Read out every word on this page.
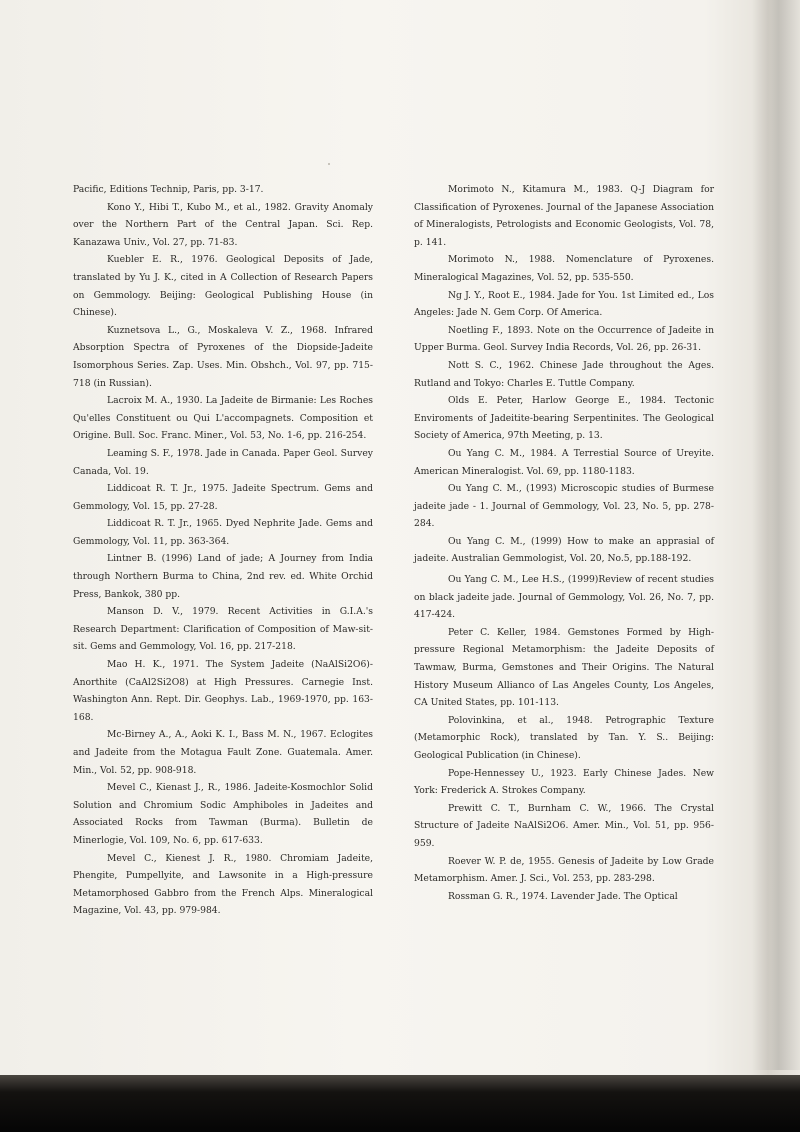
Pacific, Editions Technip, Paris, pp. 3-17.

Kono Y., Hibi T., Kubo M., et al., 1982. Gravity Anomaly over the Northern Part of the Central Japan. Sci. Rep. Kanazawa Univ., Vol. 27, pp. 71-83.

Kuebler E. R., 1976. Geological Deposits of Jade, translated by Yu J. K., cited in A Collection of Research Papers on Gemmology. Beijing: Geological Publishing House (in Chinese).

Kuznetsova L., G., Moskaleva V. Z., 1968. Infrared Absorption Spectra of Pyroxenes of the Diopside-Jadeite Isomorphous Series. Zap. Uses. Min. Obshch., Vol. 97, pp. 715-718 (in Russian).

Lacroix M. A., 1930. La Jadeite de Birmanie: Les Roches Qu'elles Constituent ou Qui L'accompagnets. Composition et Origine. Bull. Soc. Franc. Miner., Vol. 53, No. 1-6, pp. 216-254.

Leaming S. F., 1978. Jade in Canada. Paper Geol. Survey Canada, Vol. 19.

Liddicoat R. T. Jr., 1975. Jadeite Spectrum. Gems and Gemmology, Vol. 15, pp. 27-28.

Liddicoat R. T. Jr., 1965. Dyed Nephrite Jade. Gems and Gemmology, Vol. 11, pp. 363-364.

Lintner B. (1996) Land of jade; A Journey from India through Northern Burma to China, 2nd rev. ed. White Orchid Press, Bankok, 380 pp.

Manson D. V., 1979. Recent Activities in G.I.A.'s Research Department: Clarification of Composition of Maw-sit-sit. Gems and Gemmology, Vol. 16, pp. 217-218.

Mao H. K., 1971. The System Jadeite (NaAlSi2O6)-Anorthite (CaAl2Si2O8) at High Pressures. Carnegie Inst. Washington Ann. Rept. Dir. Geophys. Lab., 1969-1970, pp. 163-168.

Mc-Birney A., A., Aoki K. I., Bass M. N., 1967. Eclogites and Jadeite from the Motagua Fault Zone. Guatemala. Amer. Min., Vol. 52, pp. 908-918.

Mevel C., Kienast J., R., 1986. Jadeite-Kosmochlor Solid Solution and Chromium Sodic Amphiboles in Jadeites and Associated Rocks from Tawman (Burma). Bulletin de Minerlogie, Vol. 109, No. 6, pp. 617-633.

Mevel C., Kienest J. R., 1980. Chromiam Jadeite, Phengite, Pumpellyite, and Lawsonite in a High-pressure Metamorphosed Gabbro from the French Alps. Mineralogical Magazine, Vol. 43, pp. 979-984.

Morimoto N., Kitamura M., 1983. Q-J Diagram for Classification of Pyroxenes. Journal of the Japanese Association of Mineralogists, Petrologists and Economic Geologists, Vol. 78, p. 141.

Morimoto N., 1988. Nomenclature of Pyroxenes. Mineralogical Magazines, Vol. 52, pp. 535-550.

Ng J. Y., Root E., 1984. Jade for You. 1st Limited ed., Los Angeles: Jade N. Gem Corp. Of America.

Noetling F., 1893. Note on the Occurrence of Jadeite in Upper Burma. Geol. Survey India Records, Vol. 26, pp. 26-31.

Nott S. C., 1962. Chinese Jade throughout the Ages. Rutland and Tokyo: Charles E. Tuttle Company.

Olds E. Peter, Harlow George E., 1984. Tectonic Enviroments of Jadeitite-bearing Serpentinites. The Geological Society of America, 97th Meeting, p. 13.

Ou Yang C. M., 1984. A Terrestial Source of Ureyite. American Mineralogist. Vol. 69, pp. 1180-1183.

Ou Yang C. M., (1993) Microscopic studies of Burmese jadeite jade - 1. Journal of Gemmology, Vol. 23, No. 5, pp. 278-284.

Ou Yang C. M., (1999) How to make an apprasial of jadeite. Australian Gemmologist, Vol. 20, No.5, pp.188-192.

Ou Yang C. M., Lee H.S., (1999)Review of recent studies on black jadeite jade. Journal of Gemmology, Vol. 26, No. 7, pp. 417-424.

Peter C. Keller, 1984. Gemstones Formed by High-pressure Regional Metamorphism: the Jadeite Deposits of Tawmaw, Burma, Gemstones and Their Origins. The Natural History Museum Allianco of Las Angeles County, Los Angeles, CA United States, pp. 101-113.

Polovinkina, et al., 1948. Petrographic Texture (Metamorphic Rock), translated by Tan. Y. S.. Beijing: Geological Publication (in Chinese).

Pope-Hennessey U., 1923. Early Chinese Jades. New York: Frederick A. Strokes Company.

Prewitt C. T., Burnham C. W., 1966. The Crystal Structure of Jadeite NaAlSi2O6. Amer. Min., Vol. 51, pp. 956-959.

Roever W. P. de, 1955. Genesis of Jadeite by Low Grade Metamorphism. Amer. J. Sci., Vol. 253, pp. 283-298.

Rossman G. R., 1974. Lavender Jade. The Optical
